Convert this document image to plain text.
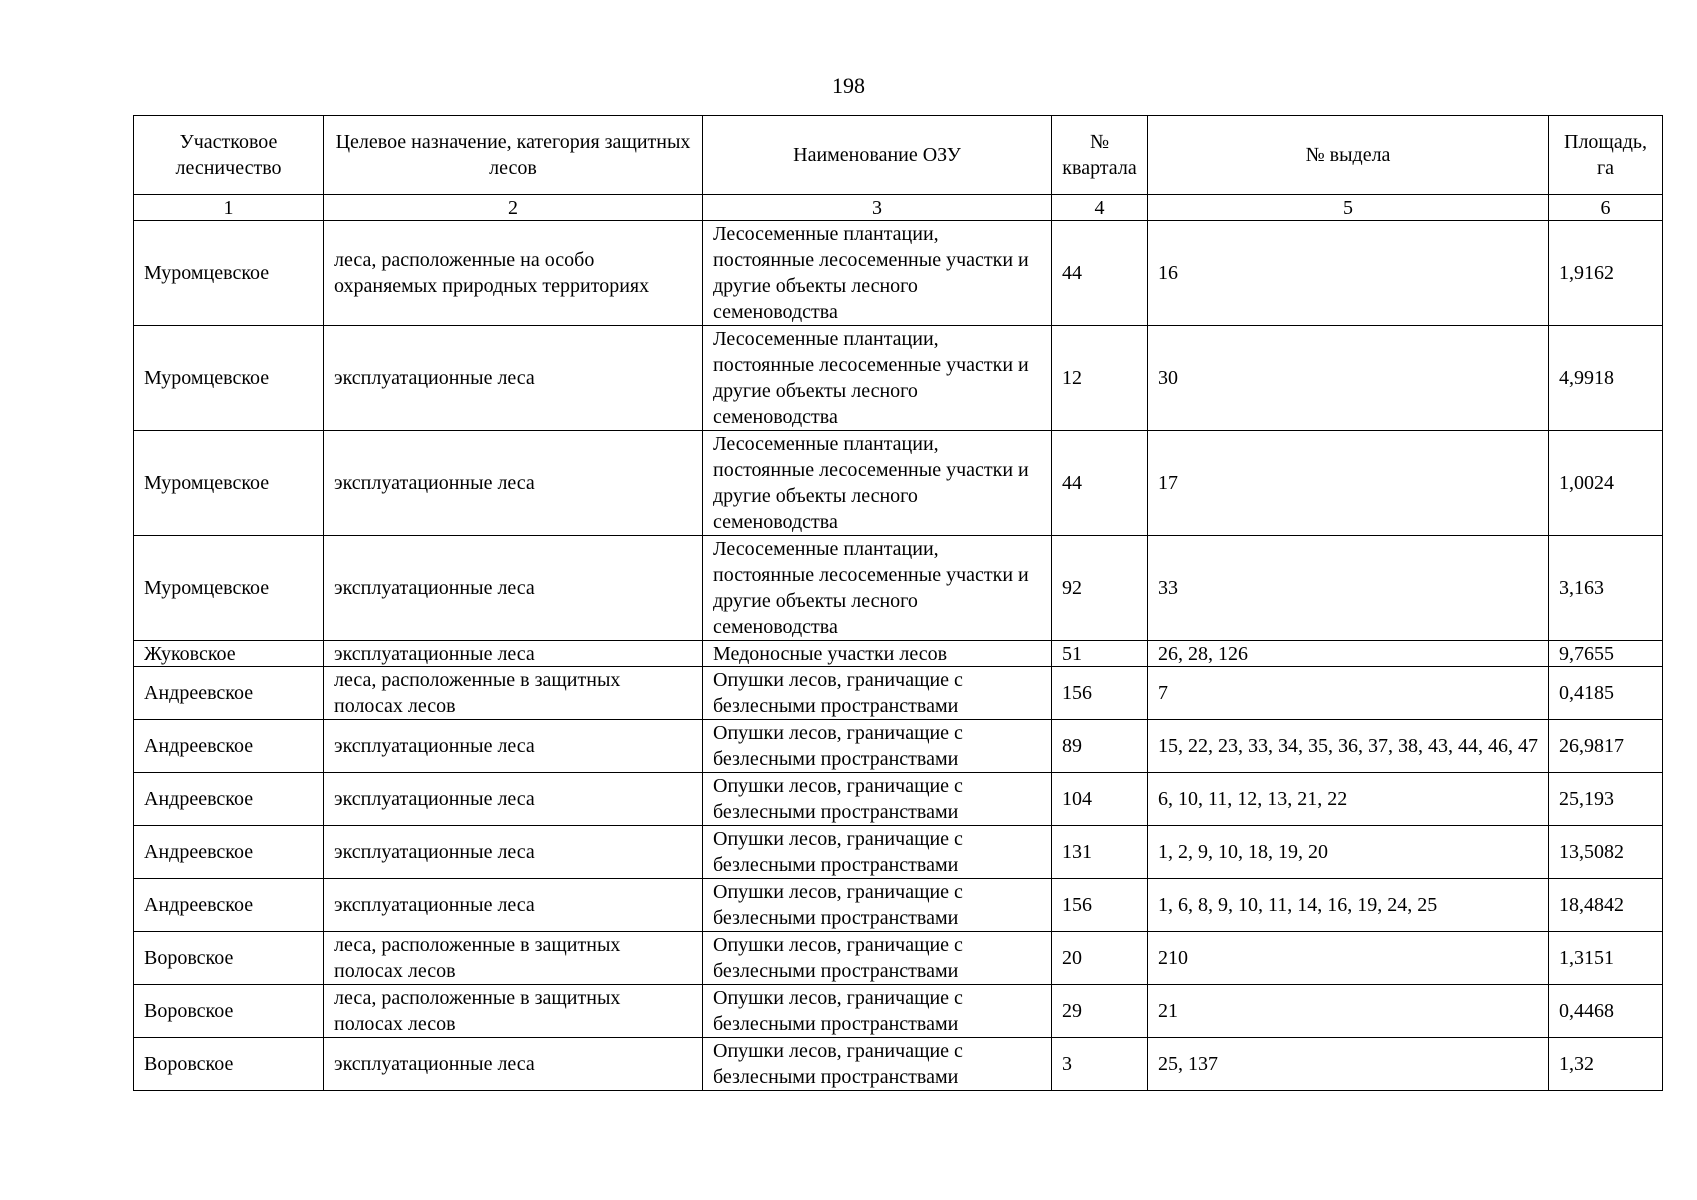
198
Участковое лесничество	Целевое назначение, категория защитных лесов	Наименование ОЗУ	№ квартала	№ выдела	Площадь, га
1	2	3	4	5	6
Муромцевское	леса, расположенные на особо охраняемых природных территориях	Лесосеменные плантации, постоянные лесосеменные участки и другие объекты лесного семеноводства	44	16	1,9162
Муромцевское	эксплуатационные леса	Лесосеменные плантации, постоянные лесосеменные участки и другие объекты лесного семеноводства	12	30	4,9918
Муромцевское	эксплуатационные леса	Лесосеменные плантации, постоянные лесосеменные участки и другие объекты лесного семеноводства	44	17	1,0024
Муромцевское	эксплуатационные леса	Лесосеменные плантации, постоянные лесосеменные участки и другие объекты лесного семеноводства	92	33	3,163
Жуковское	эксплуатационные леса	Медоносные участки лесов	51	26, 28, 126	9,7655
Андреевское	леса, расположенные в защитных полосах лесов	Опушки лесов, граничащие с безлесными пространствами	156	7	0,4185
Андреевское	эксплуатационные леса	Опушки лесов, граничащие с безлесными пространствами	89	15, 22, 23, 33, 34, 35, 36, 37, 38, 43, 44, 46, 47	26,9817
Андреевское	эксплуатационные леса	Опушки лесов, граничащие с безлесными пространствами	104	6, 10, 11, 12, 13, 21, 22	25,193
Андреевское	эксплуатационные леса	Опушки лесов, граничащие с безлесными пространствами	131	1, 2, 9, 10, 18, 19, 20	13,5082
Андреевское	эксплуатационные леса	Опушки лесов, граничащие с безлесными пространствами	156	1, 6, 8, 9, 10, 11, 14, 16, 19, 24, 25	18,4842
Воровское	леса, расположенные в защитных полосах лесов	Опушки лесов, граничащие с безлесными пространствами	20	210	1,3151
Воровское	леса, расположенные в защитных полосах лесов	Опушки лесов, граничащие с безлесными пространствами	29	21	0,4468
Воровское	эксплуатационные леса	Опушки лесов, граничащие с безлесными пространствами	3	25, 137	1,32
